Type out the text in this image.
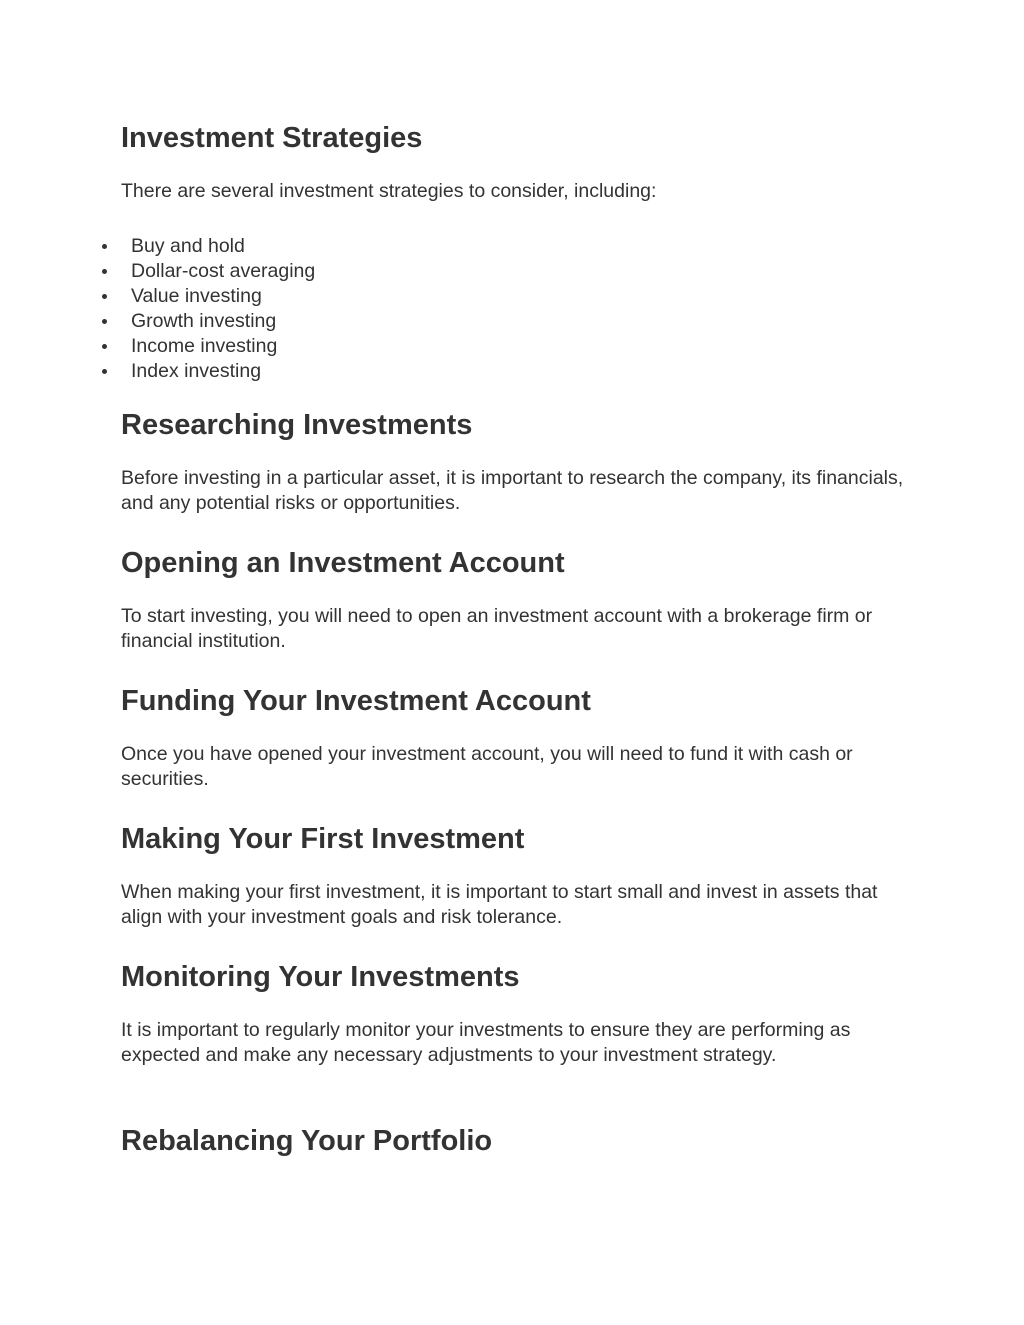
Investment Strategies

There are several investment strategies to consider, including:

Buy and hold
Dollar-cost averaging
Value investing
Growth investing
Income investing
Index investing
Researching Investments

Before investing in a particular asset, it is important to research the company, its financials, and any potential risks or opportunities.

Opening an Investment Account

To start investing, you will need to open an investment account with a brokerage firm or financial institution.

Funding Your Investment Account

Once you have opened your investment account, you will need to fund it with cash or securities.

Making Your First Investment

When making your first investment, it is important to start small and invest in assets that align with your investment goals and risk tolerance.

Monitoring Your Investments

It is important to regularly monitor your investments to ensure they are performing as expected and make any necessary adjustments to your investment strategy.

Rebalancing Your Portfolio
